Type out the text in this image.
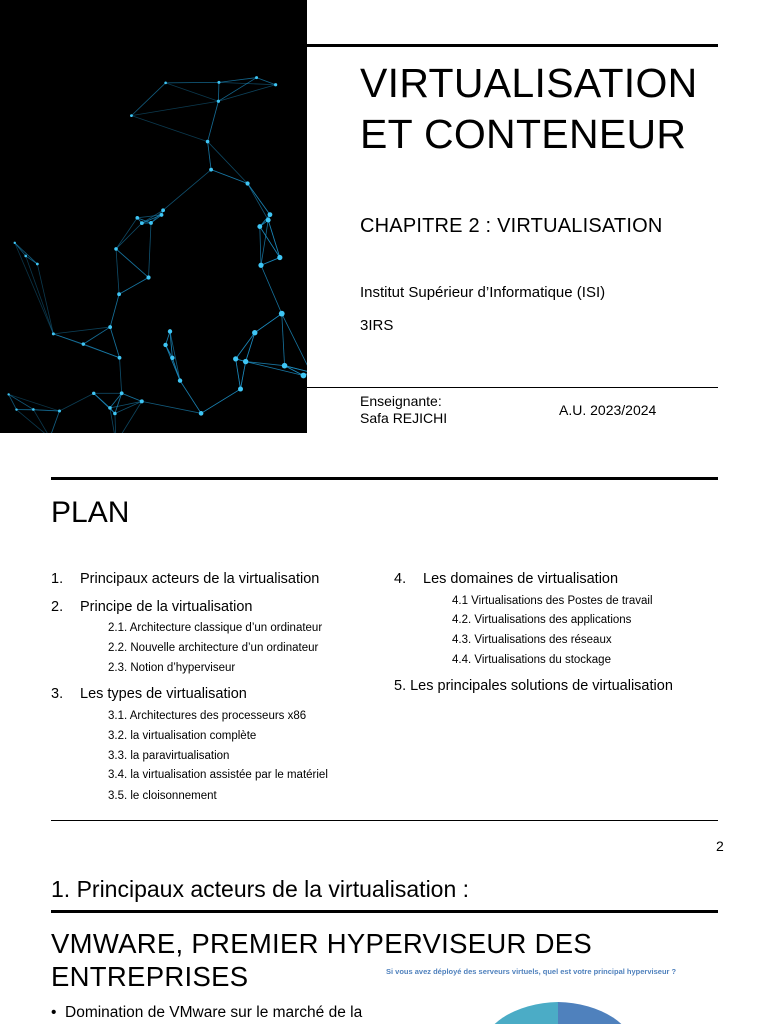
VIRTUALISATION
ET CONTENEUR
CHAPITRE 2 : VIRTUALISATION
Institut Supérieur d’Informatique (ISI)
3IRS
Enseignante:
Safa REJICHI	A.U. 2023/2024
PLAN
1. Principaux acteurs de la virtualisation
2. Principe de la virtualisation
2.1. Architecture classique d’un ordinateur
2.2. Nouvelle architecture d’un ordinateur
2.3. Notion d’hyperviseur
3. Les types de virtualisation
3.1. Architectures des processeurs x86
3.2. la virtualisation complète
3.3. la paravirtualisation
3.4. la virtualisation assistée par le matériel
3.5. le cloisonnement
4. Les domaines de virtualisation
4.1 Virtualisations des Postes de travail
4.2. Virtualisations des applications
4.3. Virtualisations des réseaux
4.4. Virtualisations du stockage
5. Les principales solutions de virtualisation
2
1. Principaux acteurs de la virtualisation :
VMWARE, PREMIER HYPERVISEUR DES
ENTREPRISES
• Domination de VMware sur le marché de la
Si vous avez déployé des serveurs virtuels, quel est votre principal hyperviseur ?
